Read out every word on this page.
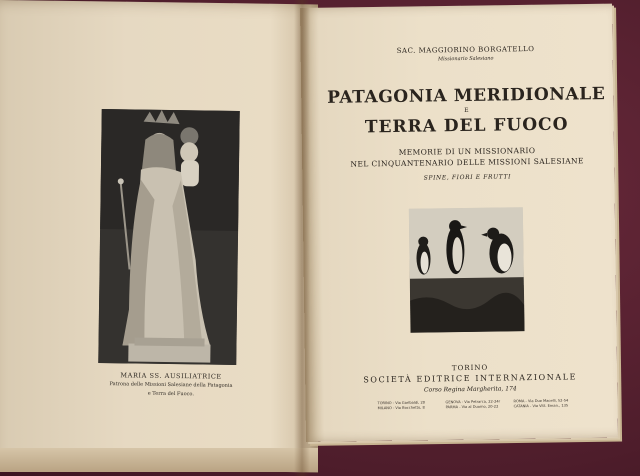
MARIA SS. AUSILIATRICE
Patrona delle Missioni Salesiane della Patagonia
e Terra del Fuoco.
SAC. MAGGIORINO BORGATELLO
Missionario Salesiano
PATAGONIA MERIDIONALE
E
TERRA DEL FUOCO
MEMORIE DI UN MISSIONARIO
NEL CINQUANTENARIO DELLE MISSIONI SALESIANE
SPINE, FIORI E FRUTTI
TORINO
SOCIETÀ EDITRICE INTERNAZIONALE
Corso Regina Margherita, 174
TORINO - Via Garibaldi, 20	GENOVA - Via Petrarca, 22-24r	ROMA - Via Due Macelli, 52-54
MILANO - Via Bocchetto, 8	PARMA - Via al Duomo, 20-22	CATANIA - Via Vitt. Eman., 135
